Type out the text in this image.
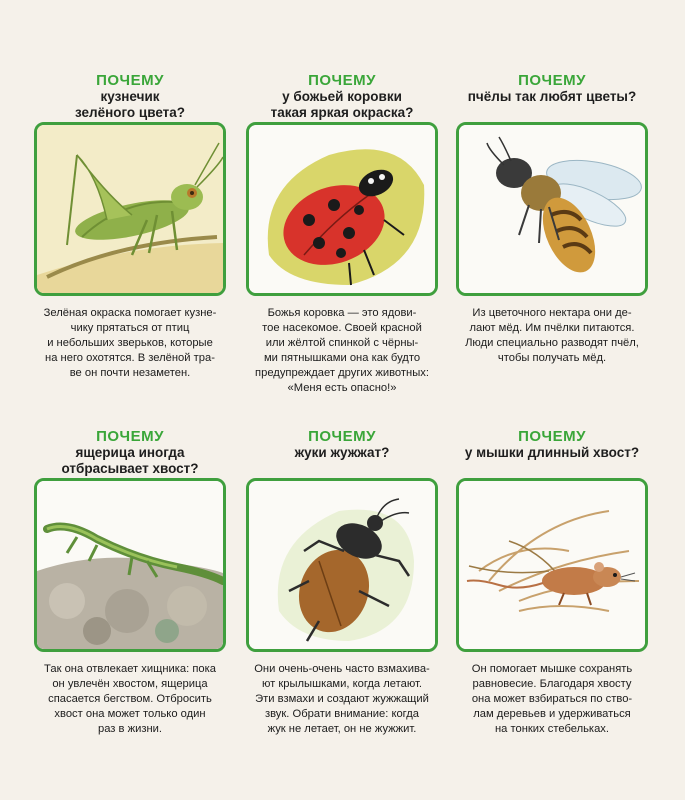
ПОЧЕМУ
кузнечик
зелёного цвета?
Зелёная окраска помогает кузне-
чику прятаться от птиц
и небольших зверьков, которые
на него охотятся. В зелёной тра-
ве он почти незаметен.
ПОЧЕМУ
у божьей коровки
такая яркая окраска?
Божья коровка — это ядови-
тое насекомое. Своей красной
или жёлтой спинкой с чёрны-
ми пятнышками она как будто
предупреждает других животных:
«Меня есть опасно!»
ПОЧЕМУ
пчёлы так любят цветы?
Из цветочного нектара они де-
лают мёд. Им пчёлки питаются.
Люди специально разводят пчёл,
чтобы получать мёд.
ПОЧЕМУ
ящерица иногда
отбрасывает хвост?
Так она отвлекает хищника: пока
он увлечён хвостом, ящерица
спасается бегством. Отбросить
хвост она может только один
раз в жизни.
ПОЧЕМУ
жуки жужжат?
Они очень-очень часто взмахива-
ют крылышками, когда летают.
Эти взмахи и создают жужжащий
звук. Обрати внимание: когда
жук не летает, он не жужжит.
ПОЧЕМУ
у мышки длинный хвост?
Он помогает мышке сохранять
равновесие. Благодаря хвосту
она может взбираться по ство-
лам деревьев и удерживаться
на тонких стебельках.
